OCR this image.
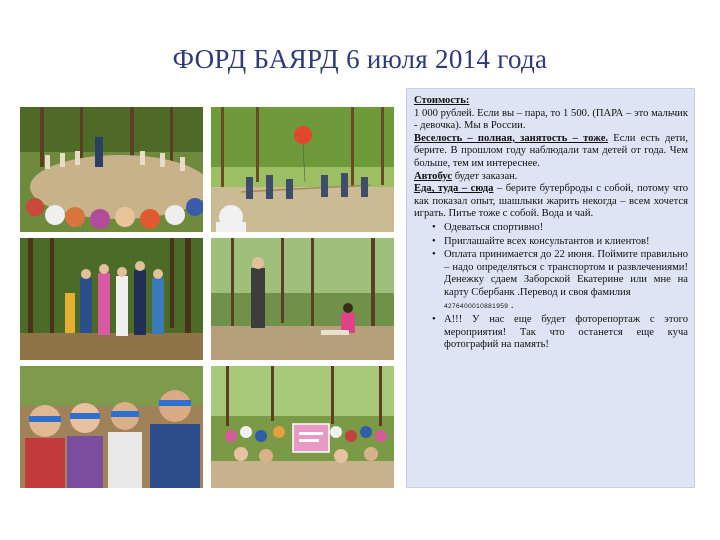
ФОРД БАЯРД 6 июля 2014 года

Стоимость:
1 000 рублей. Если вы – пара, то 1 500. (ПАРА – это мальчик - девочка). Мы в России.

Веселость – полная, занятость – тоже. Если есть дети, берите. В прошлом году наблюдали там детей от года. Чем больше, тем им интереснее.

Автобус будет заказан.

Еда, туда – сюда – берите бутерброды с собой, потому что как показал опыт, шашлыки жарить некогда – всем хочется играть. Питье тоже с собой. Вода и чай.

• Одеваться спортивно!
• Приглашайте всех консультантов и клиентов!
• Оплата принимается до 22 июня. Поймите правильно – надо определяться с транспортом и развлечениями! Денежку сдаем Заборской Екатерине или мне на карту Сбербанк .Перевод и своя фамилия
4276400010881959 .
• А!!! У нас еще будет фоторепортаж с этого мероприятия! Так что останется еще куча фотографий на память!
